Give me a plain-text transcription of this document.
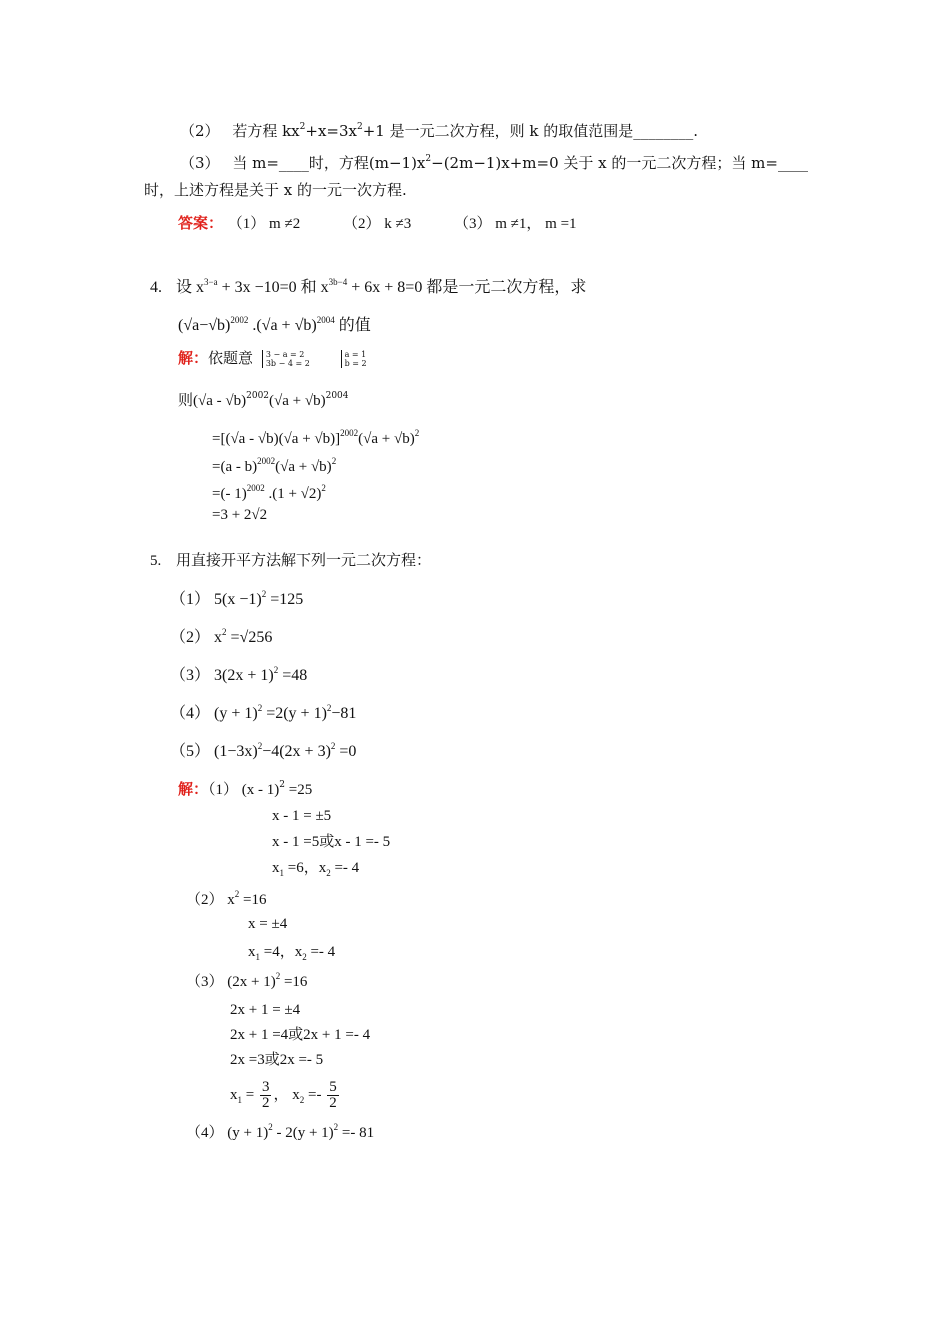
（2） 若方程 $kx^2+x=3x^2+1$ 是一元二次方程，则 k 的取值范围是________.
（3） 当 m=____时，方程$(m-1)x^2-(2m-1)x+m=0$ 关于 x 的一元二次方程；当 m=____
时，上述方程是关于 x 的一元一次方程.
答案： （1） m ≠2	（2） k ≠3	（3） m ≠1， m =1
4. 设 $x^{3-a} + 3x -10=0$ 和 $x^{3b-4} + 6x + 8=0$ 都是一元二次方程，求
$(√a-√b)^{2002}$ $.(√a + √b)^{2004}$ 的值
解：依题意 3 − a = 2
3b − 4 = 2

a = 1
b = 2
则$(√a - √b)^{2002}(√a + √b)^{2004}$
$=[(√a - √b)(√a + √b)]^{2002}(√a + √b)^2$
$=(a - b)^{2002}(√a + √b)^2$
=(- 1)$^{2002}$ $.(1 + √2)^2$
=3 + 2√2
5. 用直接开平方法解下列一元二次方程：
（1） $5(x -1)^2 =125$
（2） $x^2 =√256$
（3） $3(2x + 1)^2 =48$
（4） $(y + 1)^2 =2(y + 1)^2-81$
（5） $(1-3x)^2-4(2x + 3)^2 =0$
解：（1） (x - 1)$^2$ =25
x - 1 = ±5
x - 1 =5或x - 1 =- 5
$x_1 =6$，$x_2 =- 4$
（2） $x^2 =16$
x = ±4
$x_1 =4$，$x_2 =- 4$
（3） $(2x + 1)^2 =16$
2x + 1 = ±4
2x + 1 =4或2x + 1 =- 4
2x =3或2x =- 5
$x_1 = \frac{3}{2}$ ， $x_2 =- \frac{5}{2}$
（4） $(y + 1)^2 - 2(y + 1)^2 =- 81$
